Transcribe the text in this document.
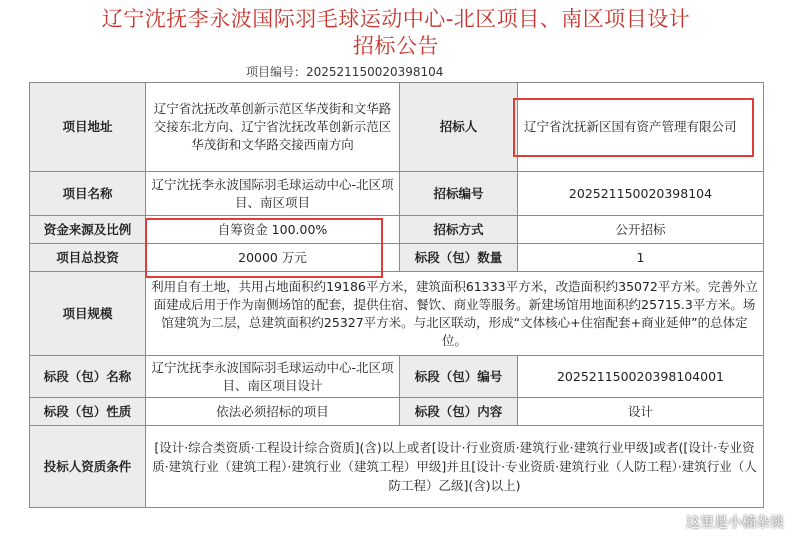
辽宁沈抚李永波国际羽毛球运动中心-北区项目、南区项目设计
招标公告
项目编号：202521150020398104
项目地址	辽宁省沈抚改革创新示范区华茂街和文华路交接东北方向、辽宁省沈抚改革创新示范区华茂街和文华路交接西南方向	招标人	辽宁省沈抚新区国有资产管理有限公司
项目名称	辽宁沈抚李永波国际羽毛球运动中心-北区项目、南区项目	招标编号	202521150020398104
资金来源及比例	自筹资金 100.00%	招标方式	公开招标
项目总投资	20000 万元	标段（包）数量	1
项目规模	利用自有土地，共用占地面积约19186平方米，建筑面积61333平方米，改造面积约35072平方米。完善外立面建成后用于作为南侧场馆的配套，提供住宿、餐饮、商业等服务。新建场馆用地面积约25715.3平方米。场馆建筑为二层，总建筑面积约25327平方米。与北区联动，形成“文体核心+住宿配套+商业延伸”的总体定位。		
标段（包）名称	辽宁沈抚李永波国际羽毛球运动中心-北区项目、南区项目设计	标段（包）编号	202521150020398104001
标段（包）性质	依法必须招标的项目	标段（包）内容	设计
投标人资质条件	[设计·综合类资质·工程设计综合资质](含)以上或者[设计·行业资质·建筑行业·建筑行业甲级]或者([设计·专业资质·建筑行业（建筑工程）·建筑行业（建筑工程）甲级]并且[设计·专业资质·建筑行业（人防工程）·建筑行业（人防工程）乙级](含)以上)		
这里是小楠杂谈
